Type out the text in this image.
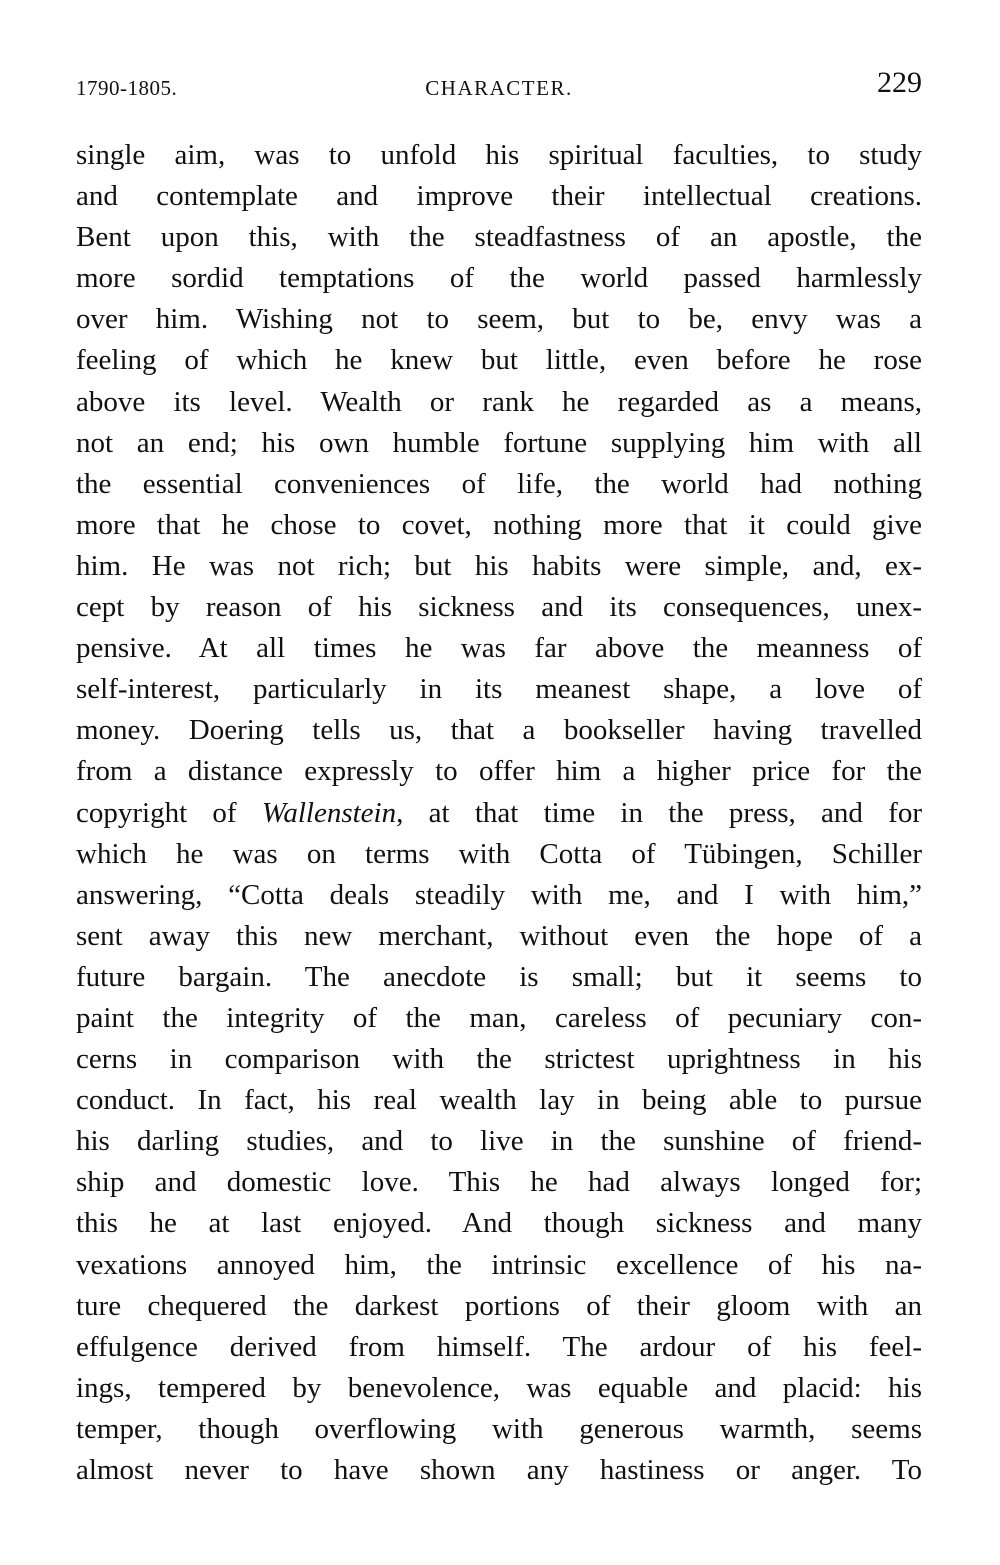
1790-1805.	CHARACTER.	229
single aim, was to unfold his spiritual faculties, to study
and contemplate and improve their intellectual creations.
Bent upon this, with the steadfastness of an apostle, the
more sordid temptations of the world passed harmlessly
over him. Wishing not to seem, but to be, envy was a
feeling of which he knew but little, even before he rose
above its level. Wealth or rank he regarded as a means,
not an end; his own humble fortune supplying him with all
the essential conveniences of life, the world had nothing
more that he chose to covet, nothing more that it could give
him. He was not rich; but his habits were simple, and, ex-
cept by reason of his sickness and its consequences, unex-
pensive. At all times he was far above the meanness of
self-interest, particularly in its meanest shape, a love of
money. Doering tells us, that a bookseller having travelled
from a distance expressly to offer him a higher price for the
copyright of Wallenstein, at that time in the press, and for
which he was on terms with Cotta of Tübingen, Schiller
answering, “Cotta deals steadily with me, and I with him,”
sent away this new merchant, without even the hope of a
future bargain. The anecdote is small; but it seems to
paint the integrity of the man, careless of pecuniary con-
cerns in comparison with the strictest uprightness in his
conduct. In fact, his real wealth lay in being able to pursue
his darling studies, and to live in the sunshine of friend-
ship and domestic love. This he had always longed for;
this he at last enjoyed. And though sickness and many
vexations annoyed him, the intrinsic excellence of his na-
ture chequered the darkest portions of their gloom with an
effulgence derived from himself. The ardour of his feel-
ings, tempered by benevolence, was equable and placid: his
temper, though overflowing with generous warmth, seems
almost never to have shown any hastiness or anger. To
